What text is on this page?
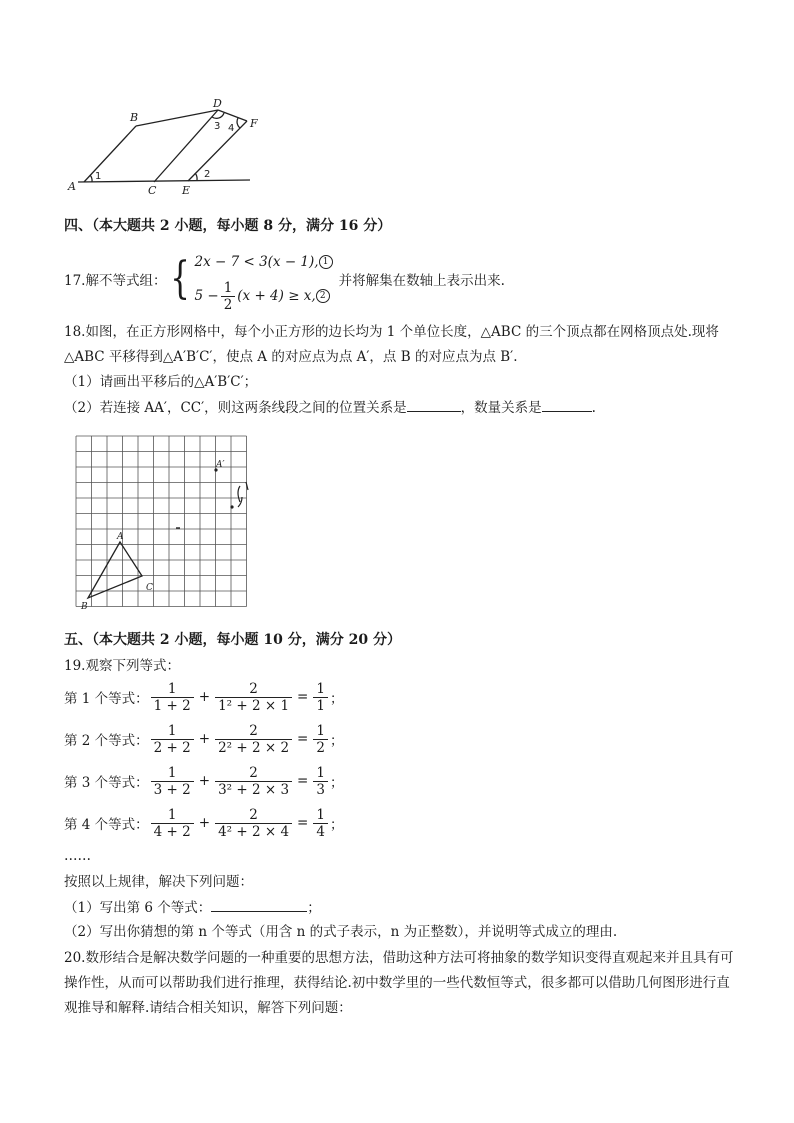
A
B
C
D
E
F
1	2
3 4
四、（本大题共 2 小题，每小题 8 分，满分 16 分）
17.解不等式组： { 2x − 7 < 3(x − 1), 1
$5 - \frac{1}{2} (x + 4) \ge x$, 2
并将解集在数轴上表示出来.
18.如图，在正方形网格中，每个小正方形的边长均为 1 个单位长度，△ABC 的三个顶点都在网格顶点处.现将
△ABC 平移得到△A′B′C′，使点 A 的对应点为点 A′，点 B 的对应点为点 B′.
（1）请画出平移后的△A′B′C′；
（2）若连接 AA′，CC′，则这两条线段之间的位置关系是	，数量关系是	.
A
B
C
A′
五、（本大题共 2 小题，每小题 10 分，满分 20 分）
19.观察下列等式：
第 1 个等式： $\frac{1}{1 + 2} + \frac{2}{\text{1² + 2 × 1}} = \frac{1}{1}$ ；
第 2 个等式： $\frac{1}{2 + 2} + \frac{2}{\text{2² + 2 × 2}} = \frac{1}{2}$ ；
第 3 个等式： $\frac{1}{3 + 2} + \frac{2}{\text{3² + 2 × 3}} = \frac{1}{3}$ ；
第 4 个等式： $\frac{1}{4 + 2} + \frac{2}{\text{4² + 2 × 4}} = \frac{1}{4}$ ；
……
按照以上规律，解决下列问题：
（1）写出第 6 个等式：	；
（2）写出你猜想的第 n 个等式（用含 n 的式子表示，n 为正整数），并说明等式成立的理由.
20.数形结合是解决数学问题的一种重要的思想方法，借助这种方法可将抽象的数学知识变得直观起来并且具有可操作性，从而可以帮助我们进行推理，获得结论.初中数学里的一些代数恒等式，很多都可以借助几何图形进行直观推导和解释.请结合相关知识，解答下列问题：
